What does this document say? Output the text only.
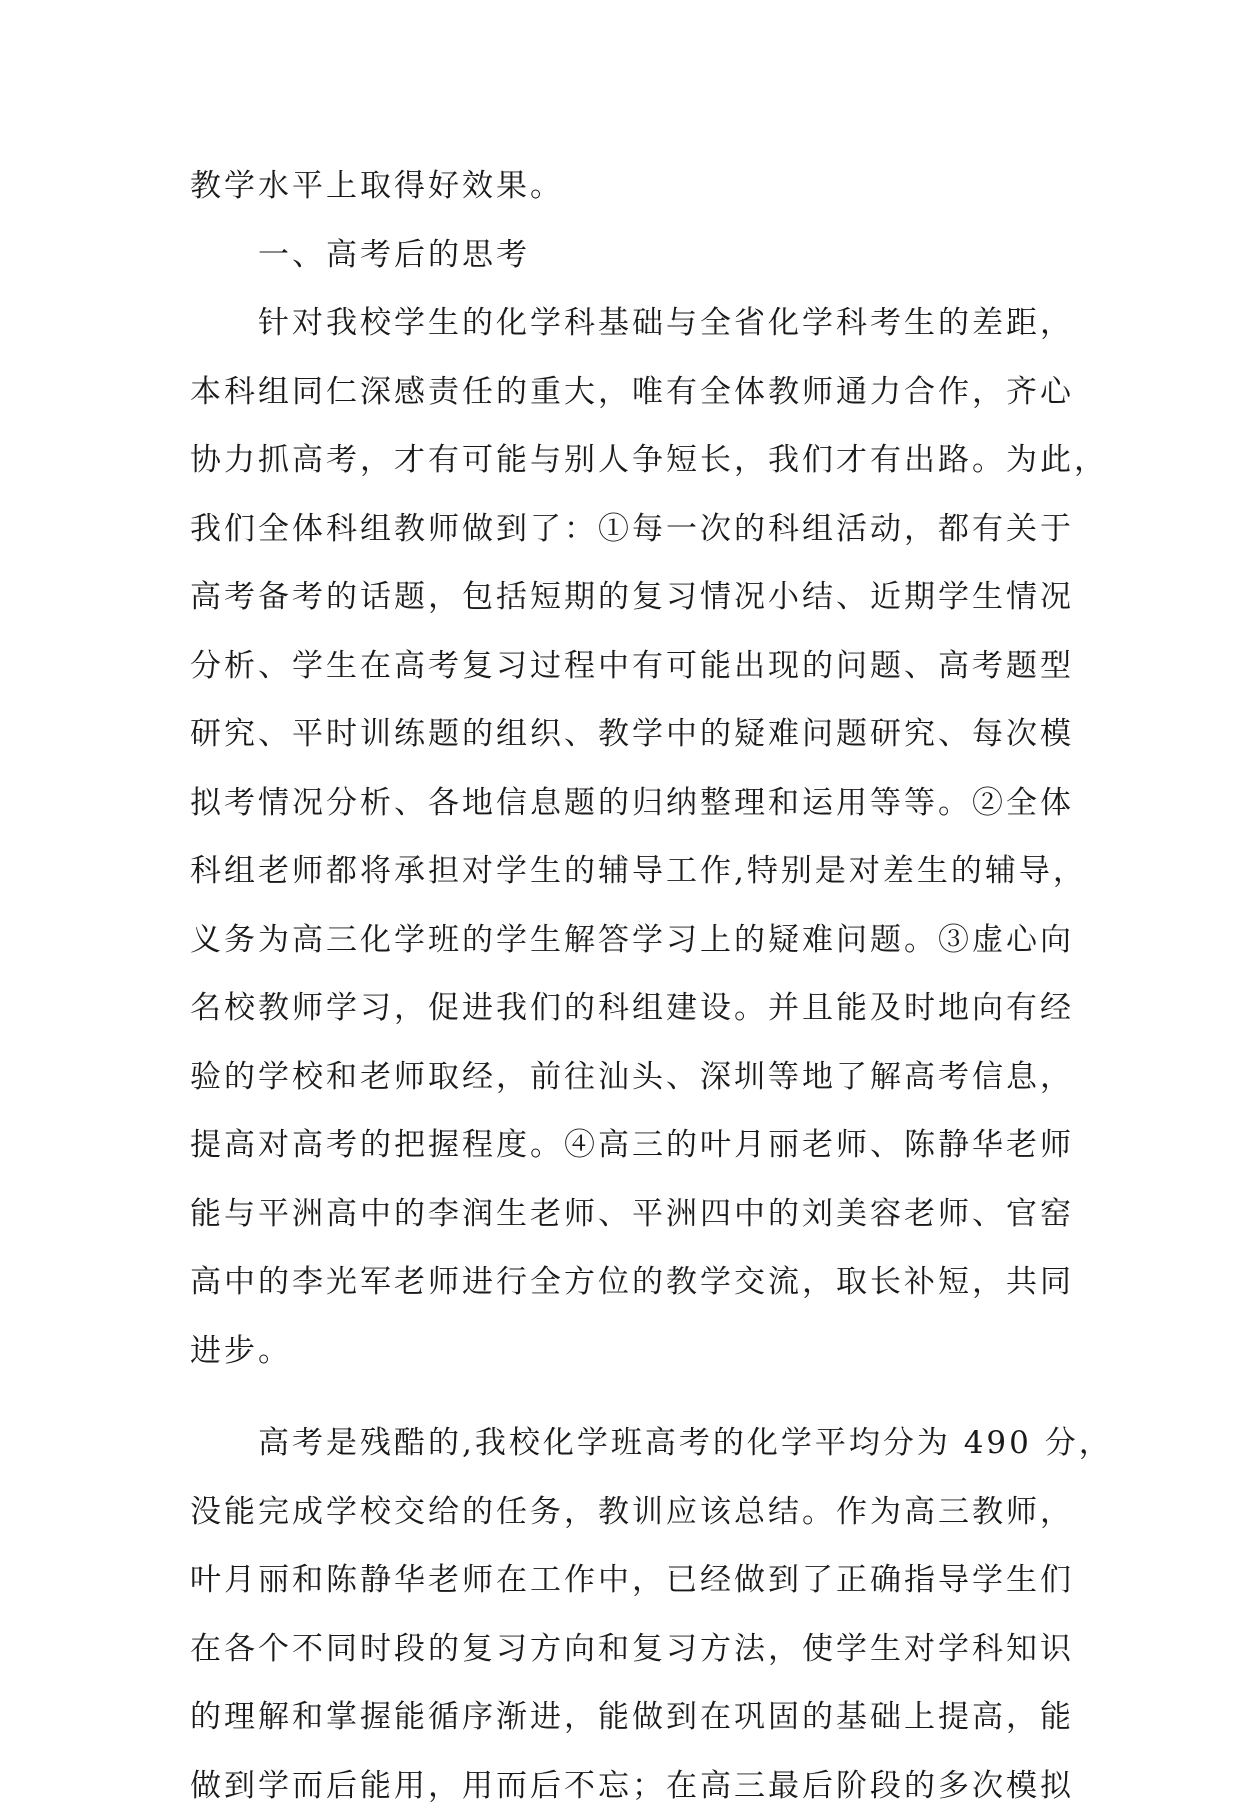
教学水平上取得好效果。

　　一、高考后的思考

　　针对我校学生的化学科基础与全省化学科考生的差距，

本科组同仁深感责任的重大，唯有全体教师通力合作，齐心

协力抓高考，才有可能与别人争短长，我们才有出路。为此，

我们全体科组教师做到了：①每一次的科组活动，都有关于

高考备考的话题，包括短期的复习情况小结、近期学生情况

分析、学生在高考复习过程中有可能出现的问题、高考题型

研究、平时训练题的组织、教学中的疑难问题研究、每次模

拟考情况分析、各地信息题的归纳整理和运用等等。②全体

科组老师都将承担对学生的辅导工作,特别是对差生的辅导，

义务为高三化学班的学生解答学习上的疑难问题。③虚心向

名校教师学习，促进我们的科组建设。并且能及时地向有经

验的学校和老师取经，前往汕头、深圳等地了解高考信息，

提高对高考的把握程度。④高三的叶月丽老师、陈静华老师

能与平洲高中的李润生老师、平洲四中的刘美容老师、官窑

高中的李光军老师进行全方位的教学交流，取长补短，共同

进步。

　　高考是残酷的,我校化学班高考的化学平均分为 490 分，

没能完成学校交给的任务，教训应该总结。作为高三教师，

叶月丽和陈静华老师在工作中，已经做到了正确指导学生们

在各个不同时段的复习方向和复习方法，使学生对学科知识

的理解和掌握能循序渐进，能做到在巩固的基础上提高，能

做到学而后能用，用而后不忘；在高三最后阶段的多次模拟
